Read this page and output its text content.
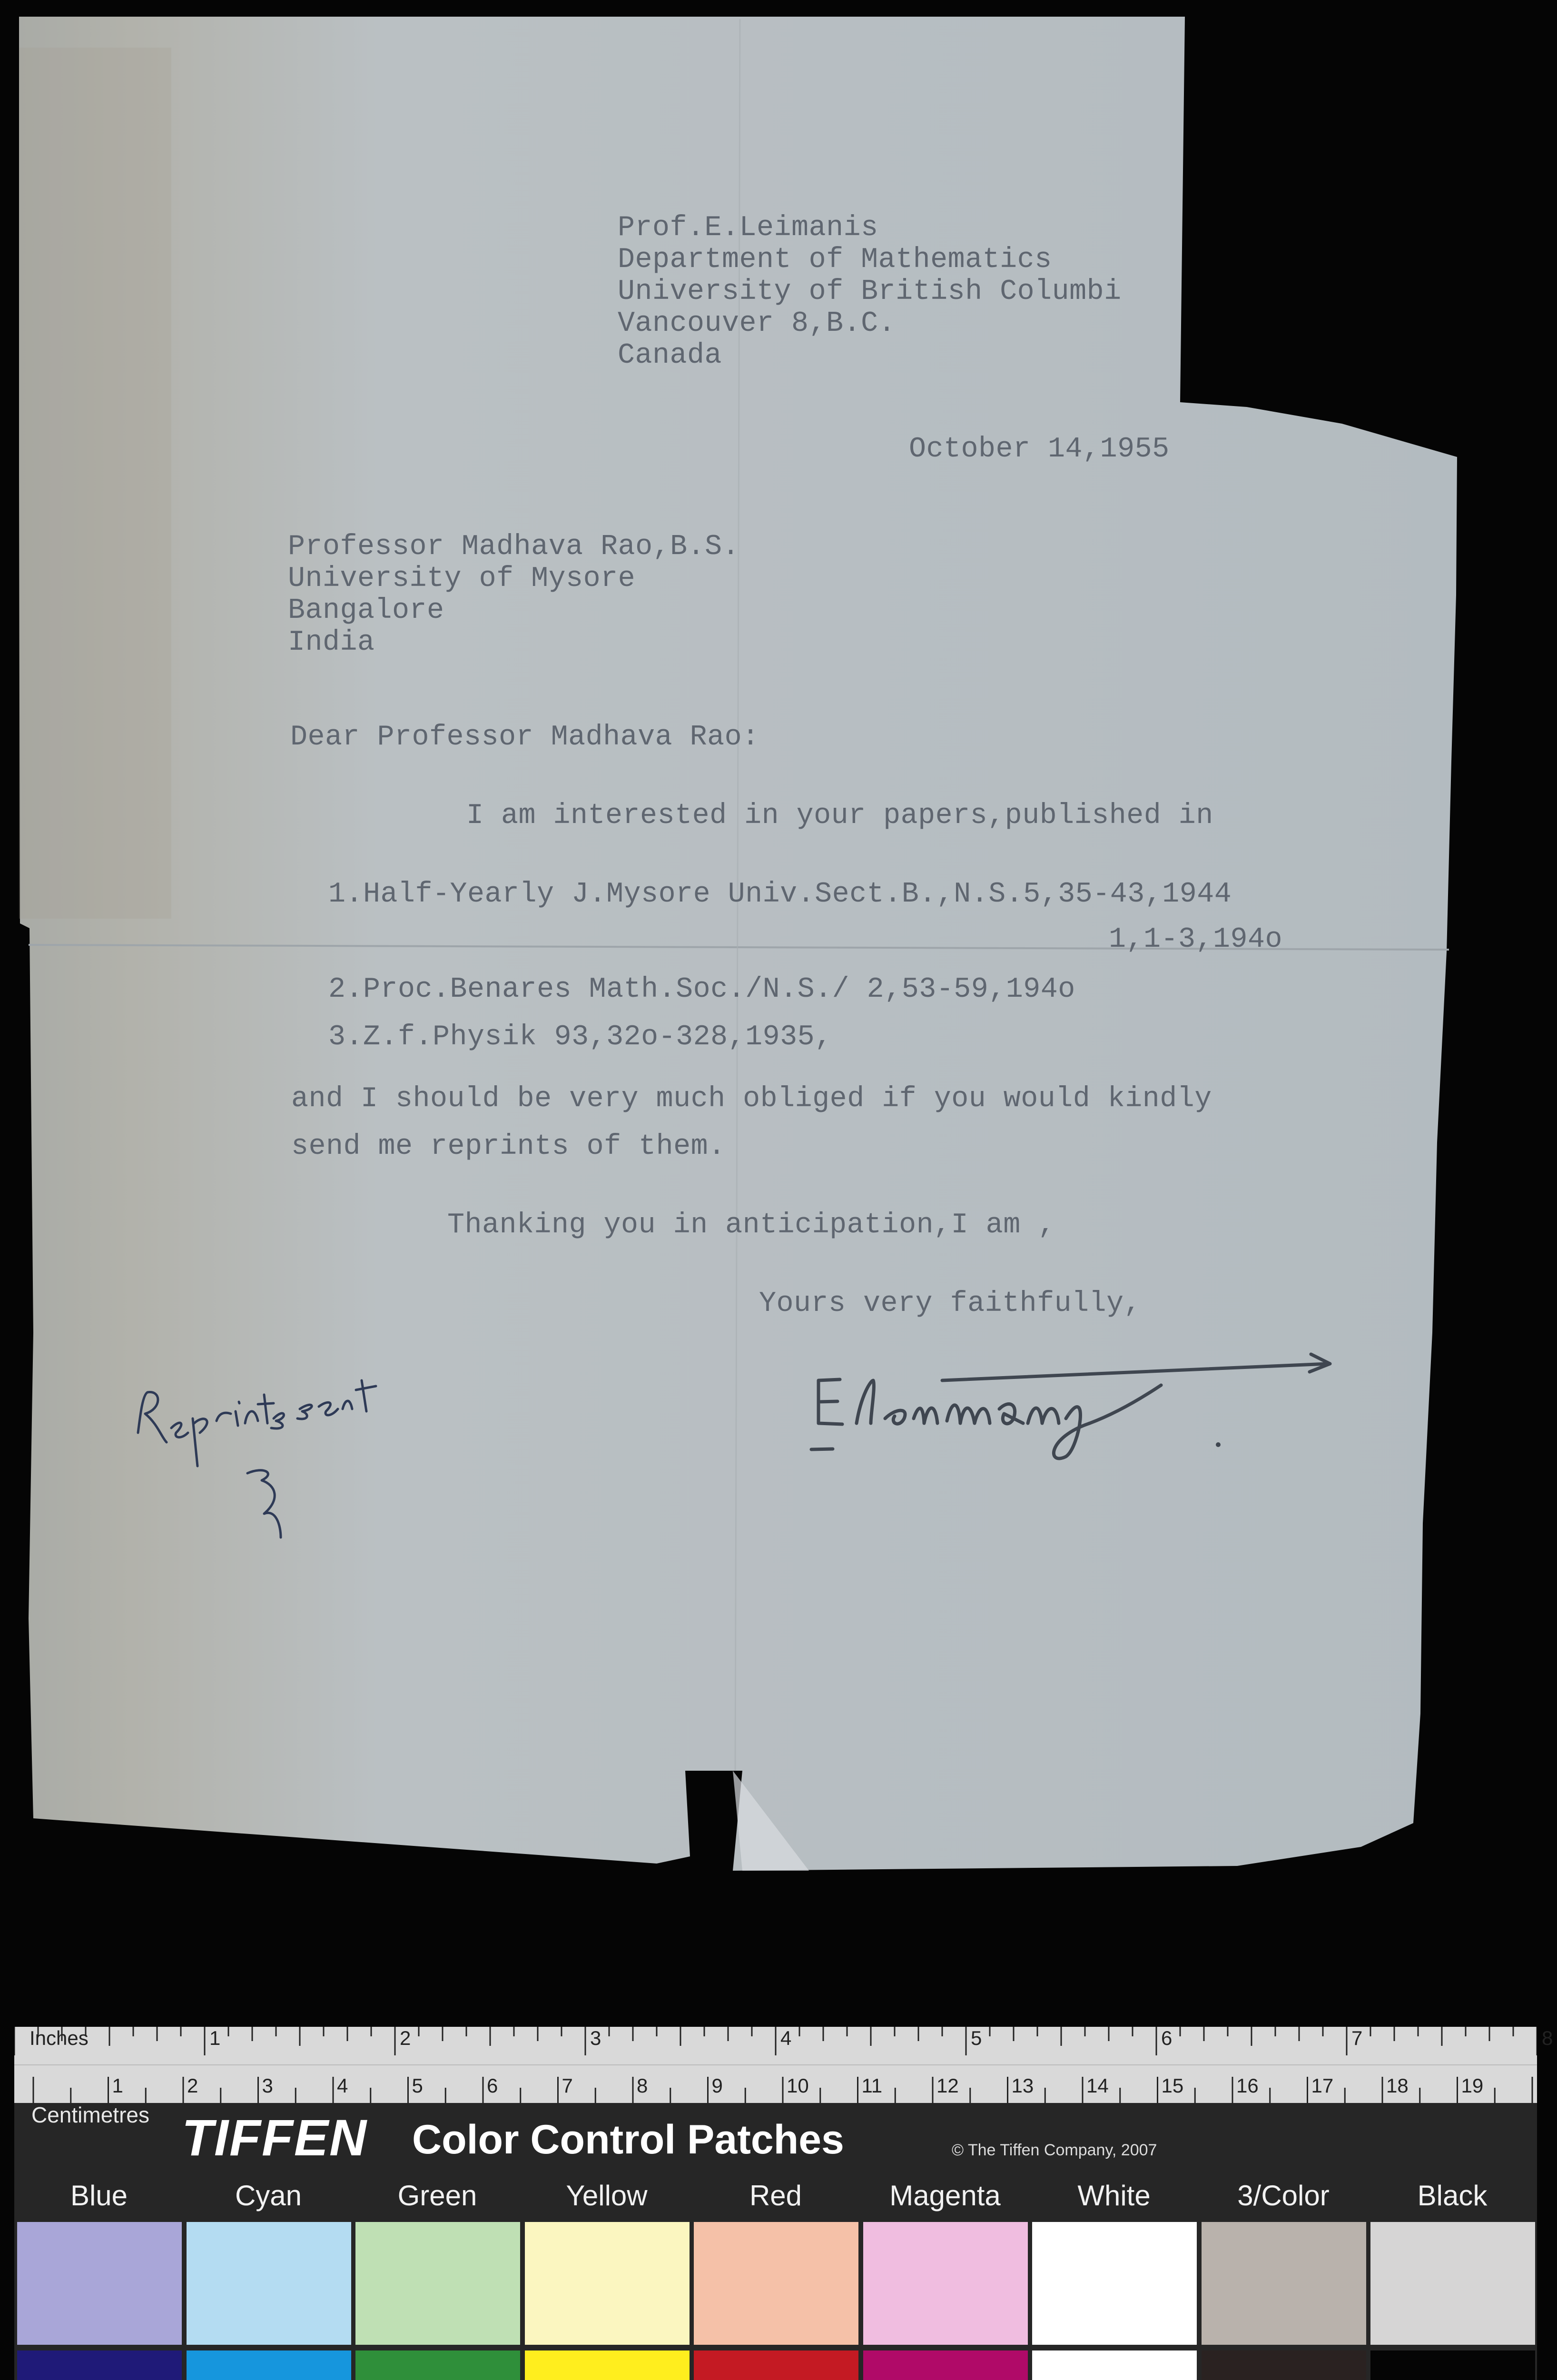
Prof.E.Leimanis
Department of Mathematics
University of British Columbi
Vancouver 8,B.C.
Canada
October 14,1955
Professor Madhava Rao,B.S.
University of Mysore
Bangalore
India
Dear Professor Madhava Rao:
I am interested in your papers,published in
1.Half-Yearly J.Mysore Univ.Sect.B.,N.S.5,35-43,1944
1,1-3,194o
2.Proc.Benares Math.Soc./N.S./ 2,53-59,194o
3.Z.f.Physik 93,32o-328,1935,
and I should be very much obliged if you would kindly
send me reprints of them.
Thanking you in anticipation,I am ,
Yours very faithfully,
Inches
Centimetres
1	2	3	4	5	6	7	8
1	2	3	4	5	6	7	8	9	10	11	12	13	14	15	16	17	18	19
TIFFEN Color Control Patches	© The Tiffen Company, 2007
Blue	Cyan	Green	Yellow	Red	Magenta	White	3/Color	Black
